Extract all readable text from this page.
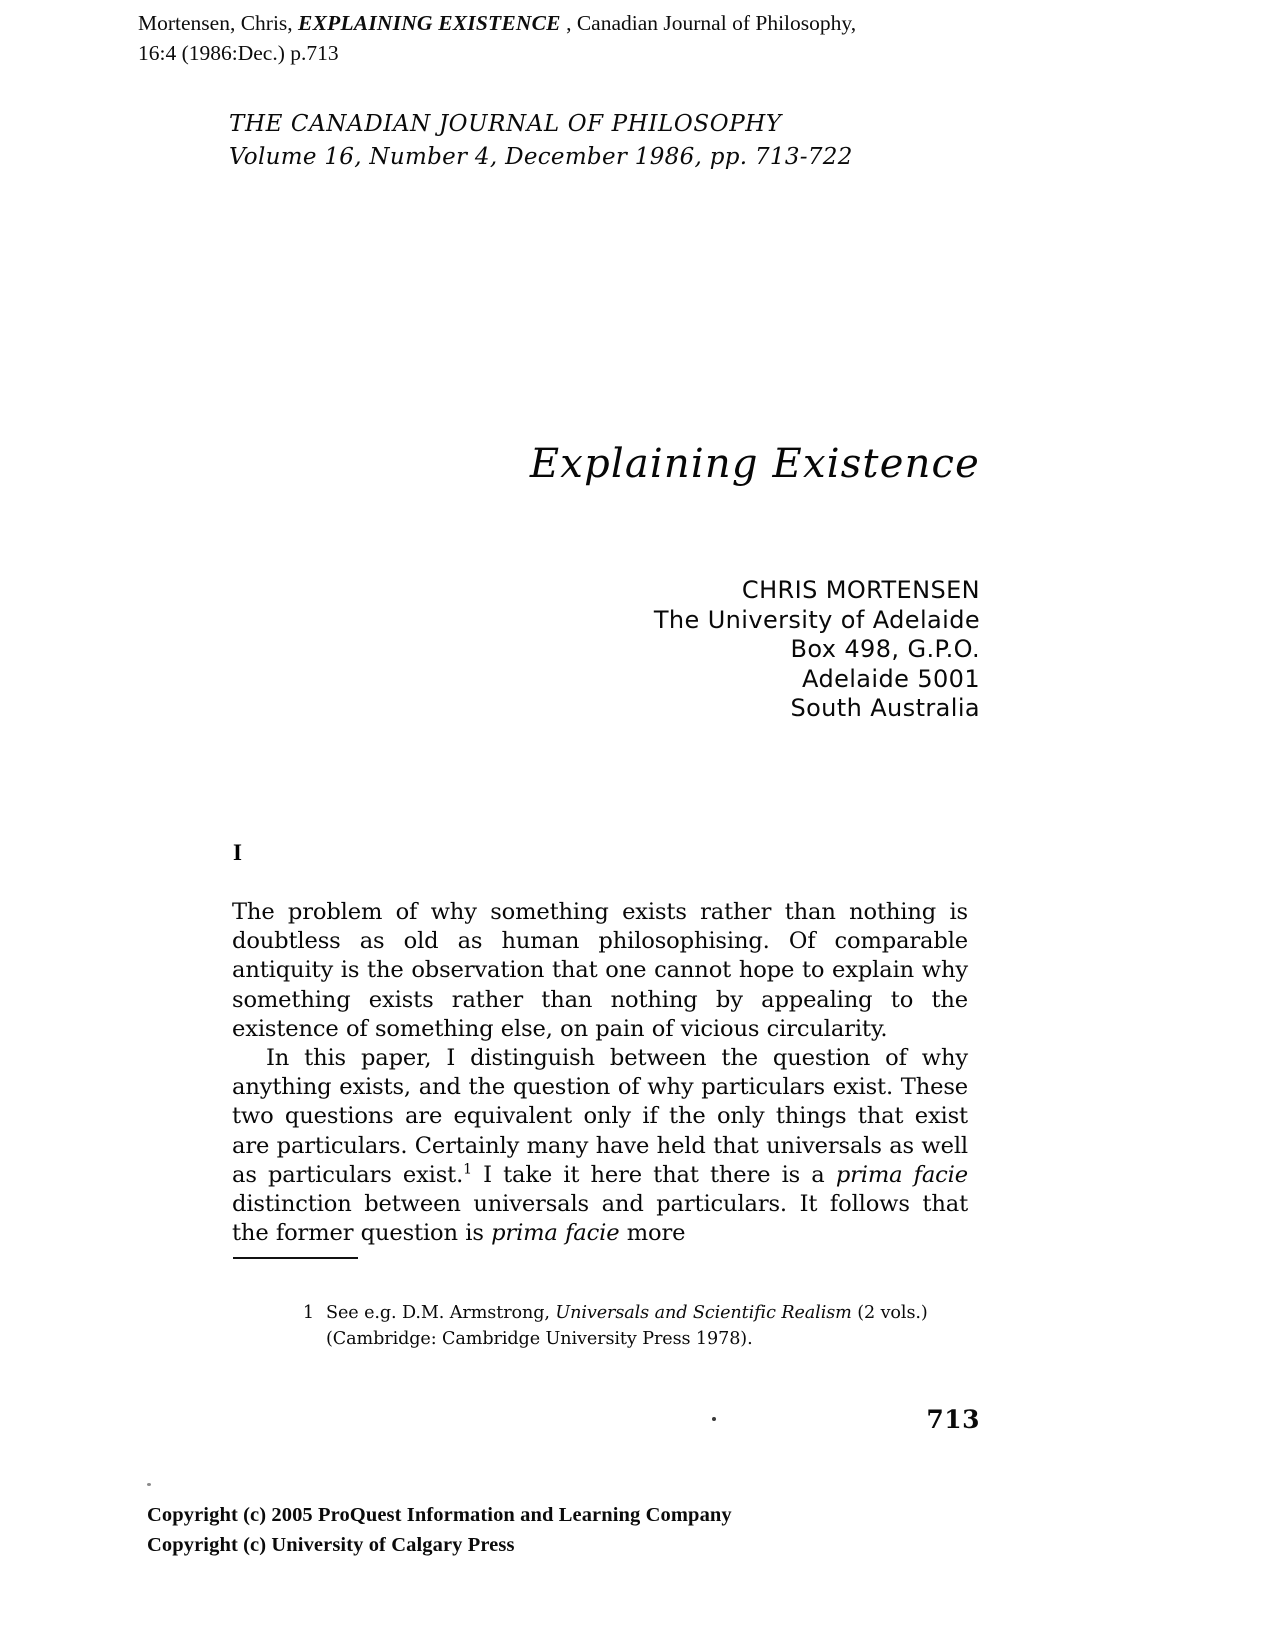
Mortensen, Chris, EXPLAINING EXISTENCE , Canadian Journal of Philosophy,
16:4 (1986:Dec.) p.713
THE CANADIAN JOURNAL OF PHILOSOPHY
Volume 16, Number 4, December 1986, pp. 713-722
Explaining Existence
CHRIS MORTENSEN
The University of Adelaide
Box 498, G.P.O.
Adelaide 5001
South Australia
I

The problem of why something exists rather than nothing is doubtless as old as human philosophising. Of comparable antiquity is the observation that one cannot hope to explain why something exists rather than nothing by appealing to the existence of something else, on pain of vicious circularity.

In this paper, I distinguish between the question of why anything exists, and the question of why particulars exist. These two questions are equivalent only if the only things that exist are particulars. Certainly many have held that universals as well as particulars exist.$^1$ I take it here that there is a prima facie distinction between universals and particulars. It follows that the former question is prima facie more

1 See e.g. D.M. Armstrong, Universals and Scientific Realism (2 vols.) (Cambridge: Cambridge University Press 1978).
713
Copyright (c) 2005 ProQuest Information and Learning Company
Copyright (c) University of Calgary Press
